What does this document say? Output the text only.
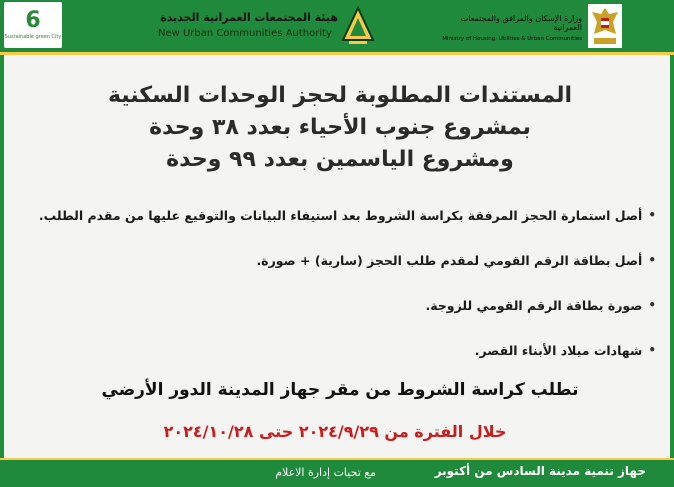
6
Sustainable green City
هيئة المجتمعات العمرانية الجديدة
New Urban Communities Authority
وزارة الإسكان والمرافق والمجتمعات العمرانية
Ministry of Housing, Utilities & Urban Communities
المستندات المطلوبة لحجز الوحدات السكنية
بمشروع جنوب الأحياء بعدد ٣٨ وحدة
ومشروع الياسمين بعدد ٩٩ وحدة
•
أصل استمارة الحجز المرفقة بكراسة الشروط بعد استيفاء البيانات والتوقيع عليها من مقدم الطلب.
•
أصل بطاقة الرقم القومي لمقدم طلب الحجز (سارية) + صورة.
•
صورة بطاقة الرقم القومي للزوجة.
•
شهادات ميلاد الأبناء القصر.
تطلب كراسة الشروط من مقر جهاز المدينة الدور الأرضي
خلال الفترة من ٢٠٢٤/٩/٢٩ حتى ٢٠٢٤/١٠/٢٨
مع تحيات إدارة الاعلام	جهاز تنمية مدينة السادس من أكتوبر
